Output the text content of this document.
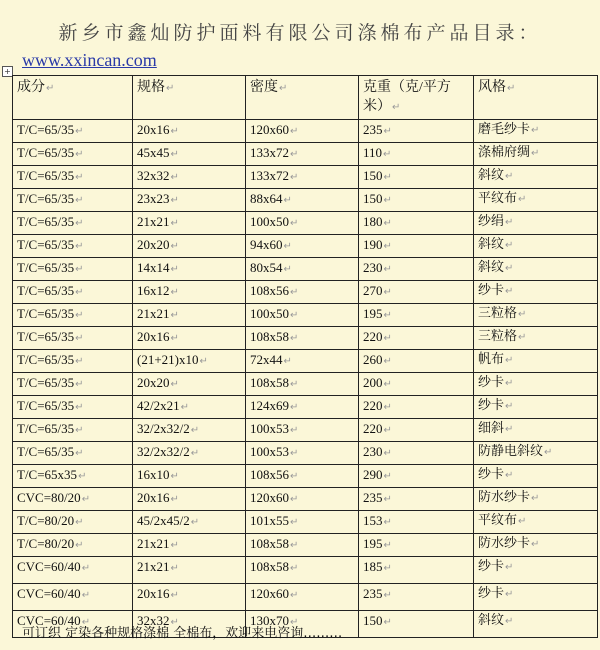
新乡市鑫灿防护面料有限公司涤棉布产品目录：
+
www.xxincan.com
成分↵	规格↵	密度↵	克重（克/平方米）↵	风格↵
T/C=65/35↵	20x16↵	120x60↵	235↵	磨毛纱卡↵
T/C=65/35↵	45x45↵	133x72↵	110↵	涤棉府绸↵
T/C=65/35↵	32x32↵	133x72↵	150↵	斜纹↵
T/C=65/35↵	23x23↵	88x64↵	150↵	平纹布↵
T/C=65/35↵	21x21↵	100x50↵	180↵	纱绢↵
T/C=65/35↵	20x20↵	94x60↵	190↵	斜纹↵
T/C=65/35↵	14x14↵	80x54↵	230↵	斜纹↵
T/C=65/35↵	16x12↵	108x56↵	270↵	纱卡↵
T/C=65/35↵	21x21↵	100x50↵	195↵	三粒格↵
T/C=65/35↵	20x16↵	108x58↵	220↵	三粒格↵
T/C=65/35↵	(21+21)x10↵	72x44↵	260↵	帆布↵
T/C=65/35↵	20x20↵	108x58↵	200↵	纱卡↵
T/C=65/35↵	42/2x21↵	124x69↵	220↵	纱卡↵
T/C=65/35↵	32/2x32/2↵	100x53↵	220↵	细斜↵
T/C=65/35↵	32/2x32/2↵	100x53↵	230↵	防静电斜纹↵
T/C=65x35↵	16x10↵	108x56↵	290↵	纱卡↵
CVC=80/20↵	20x16↵	120x60↵	235↵	防水纱卡↵
T/C=80/20↵	45/2x45/2↵	101x55↵	153↵	平纹布↵
T/C=80/20↵	21x21↵	108x58↵	195↵	防水纱卡↵
CVC=60/40↵	21x21↵	108x58↵	185↵	纱卡↵
CVC=60/40↵	20x16↵	120x60↵	235↵	纱卡↵
CVC=60/40↵	32x32↵	130x70↵	150↵	斜纹↵
可订织 定染各种规格涤棉 全棉布，欢迎来电咨询………
